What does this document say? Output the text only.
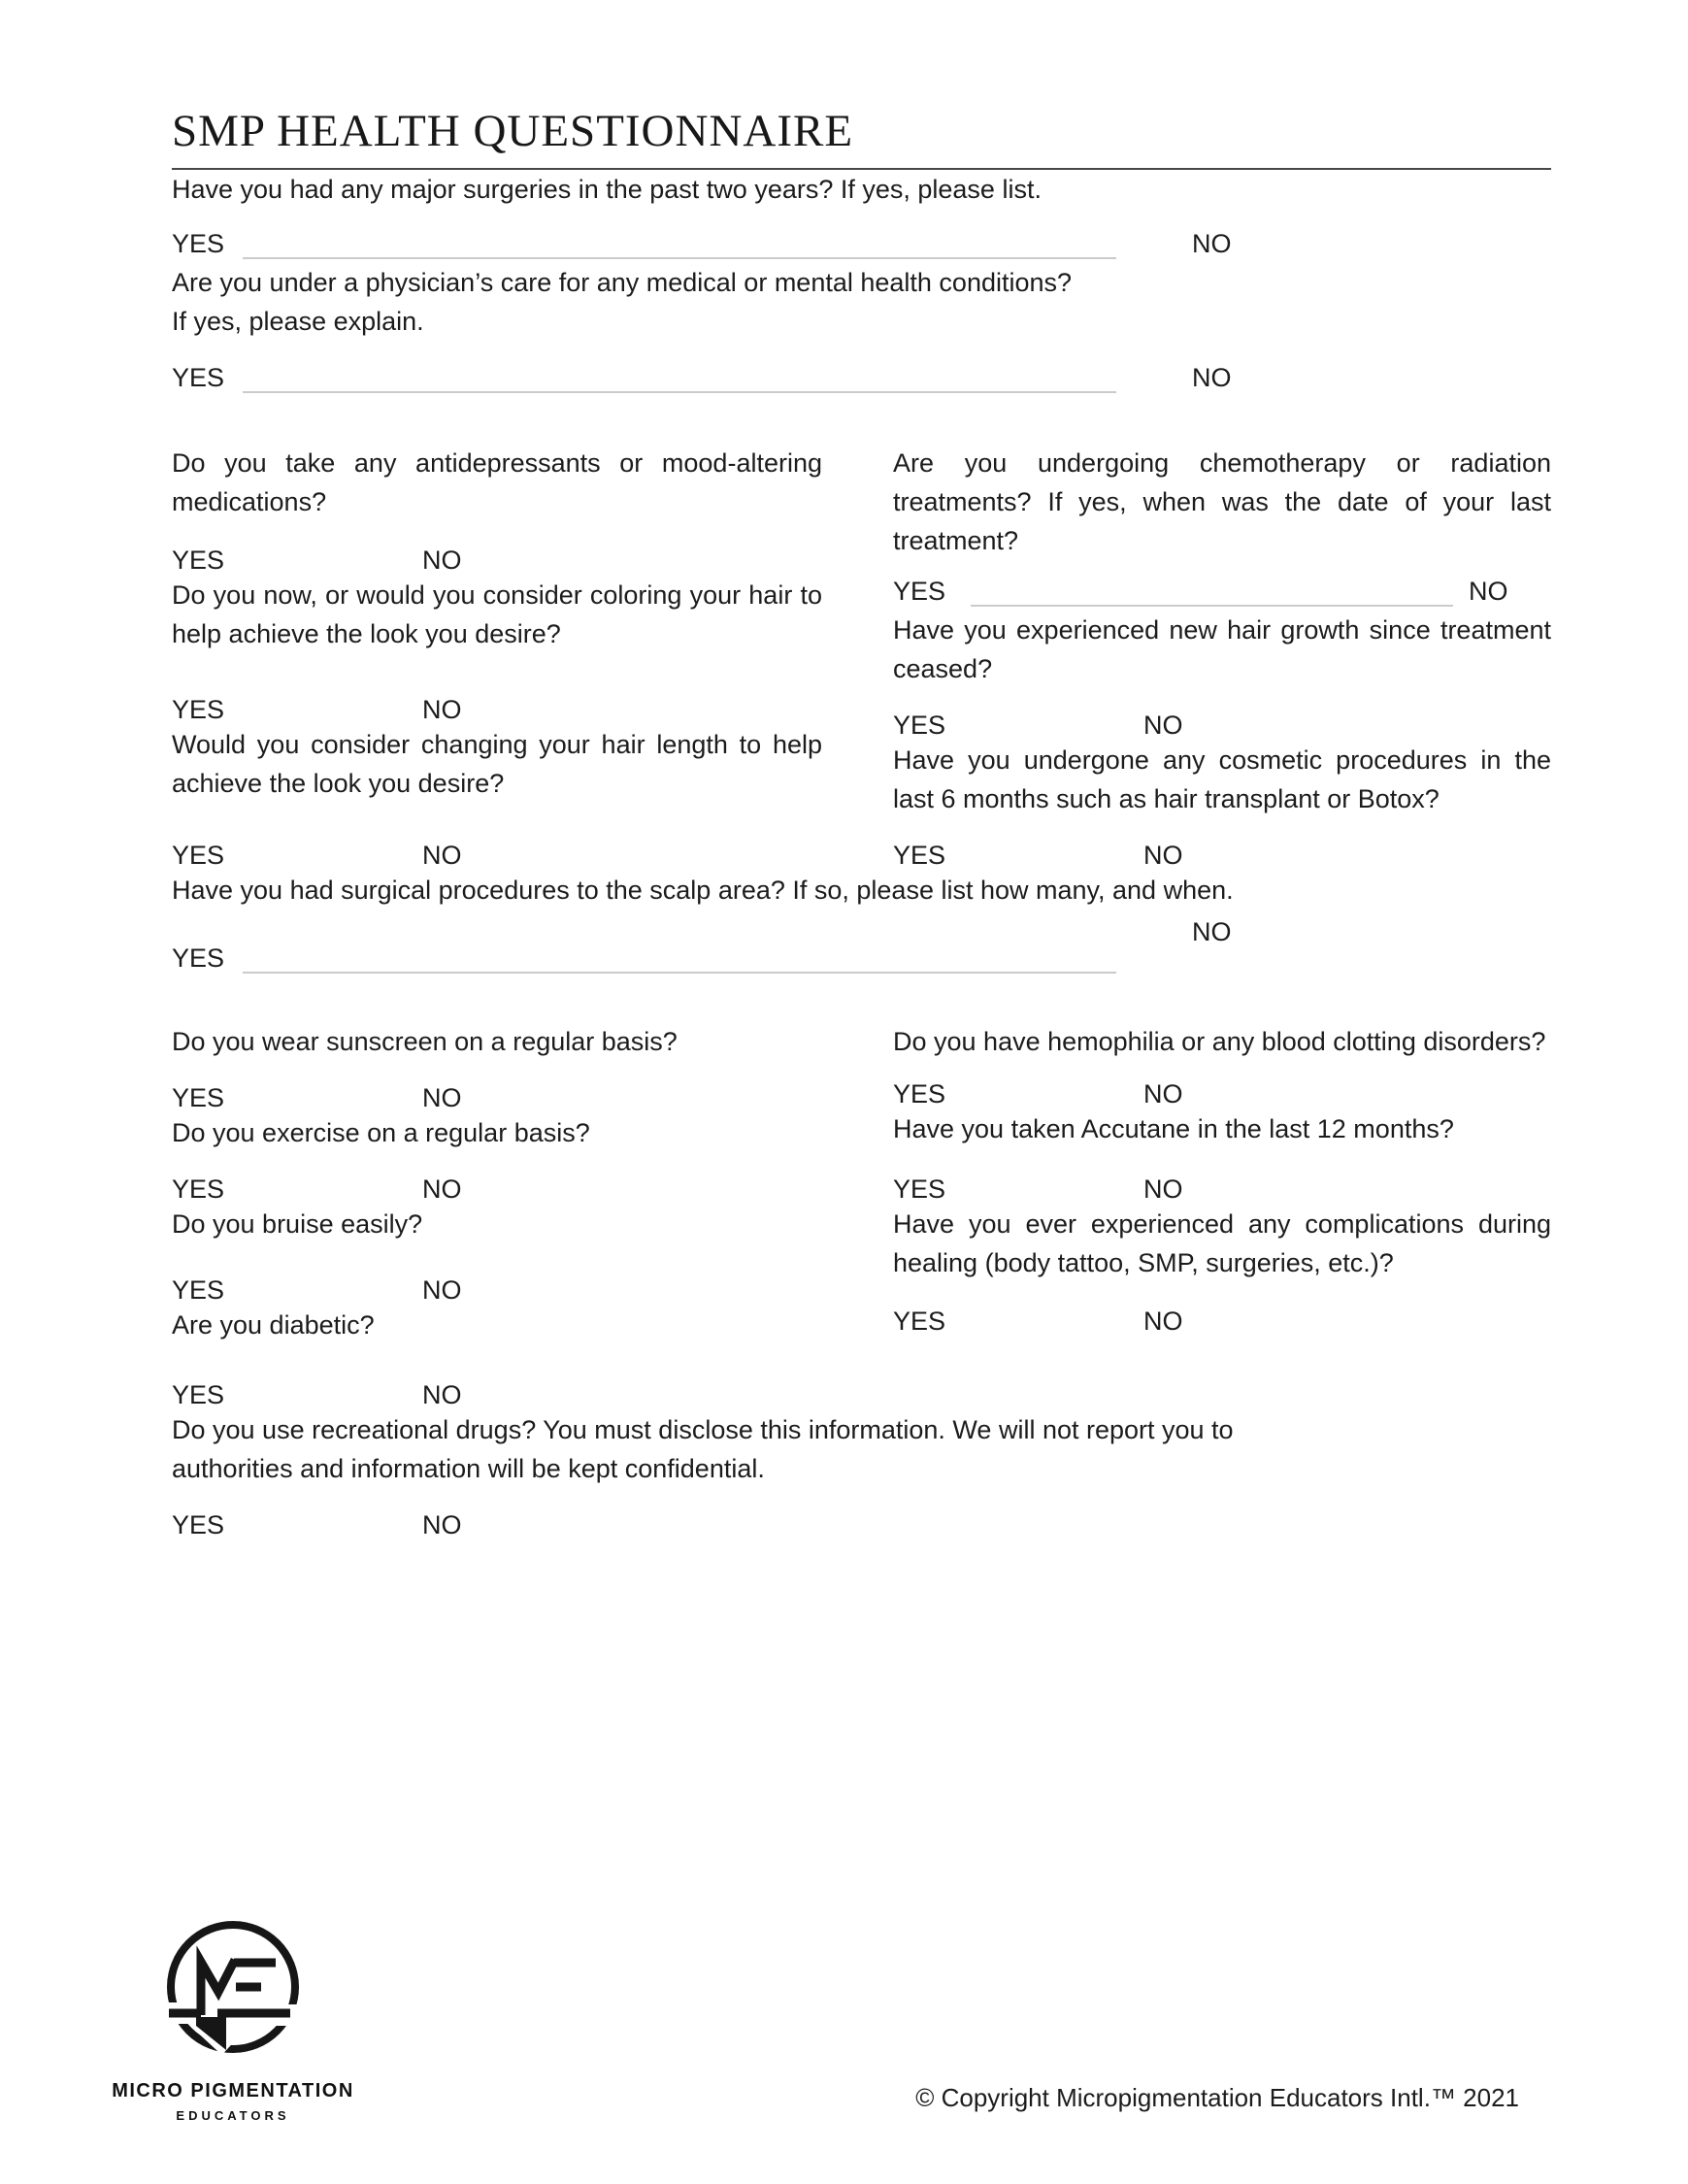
SMP HEALTH QUESTIONNAIRE

Have you had any major surgeries in the past two years? If yes, please list.

YES	NO

Are you under a physician’s care for any medical or mental health conditions?
If yes, please explain.

YES	NO

Do you take any antidepressants or mood-altering medications?

YES	NO

Do you now, or would you consider coloring your hair to help achieve the look you desire?

YES	NO

Would you consider changing your hair length to help achieve the look you desire?

YES	NO

Are you undergoing chemotherapy or radiation treatments? If yes, when was the date of your last treatment?

YES	NO

Have you experienced new hair growth since treatment ceased?

YES	NO

Have you undergone any cosmetic procedures in the last 6 months such as hair transplant or Botox?

YES	NO

Have you had surgical procedures to the scalp area? If so, please list how many, and when.

YES
NO

Do you wear sunscreen on a regular basis?

YES	NO

Do you exercise on a regular basis?

YES	NO

Do you bruise easily?

YES	NO

Are you diabetic?

YES	NO

Do you have hemophilia or any blood clotting disorders?

YES	NO

Have you taken Accutane in the last 12 months?

YES	NO

Have you ever experienced any complications during healing (body tattoo, SMP, surgeries, etc.)?

YES	NO

Do you use recreational drugs? You must disclose this information. We will not report you to
authorities and information will be kept confidential.

YES	NO
MICRO PIGMENTATION
EDUCATORS
© Copyright Micropigmentation Educators Intl.™ 2021
